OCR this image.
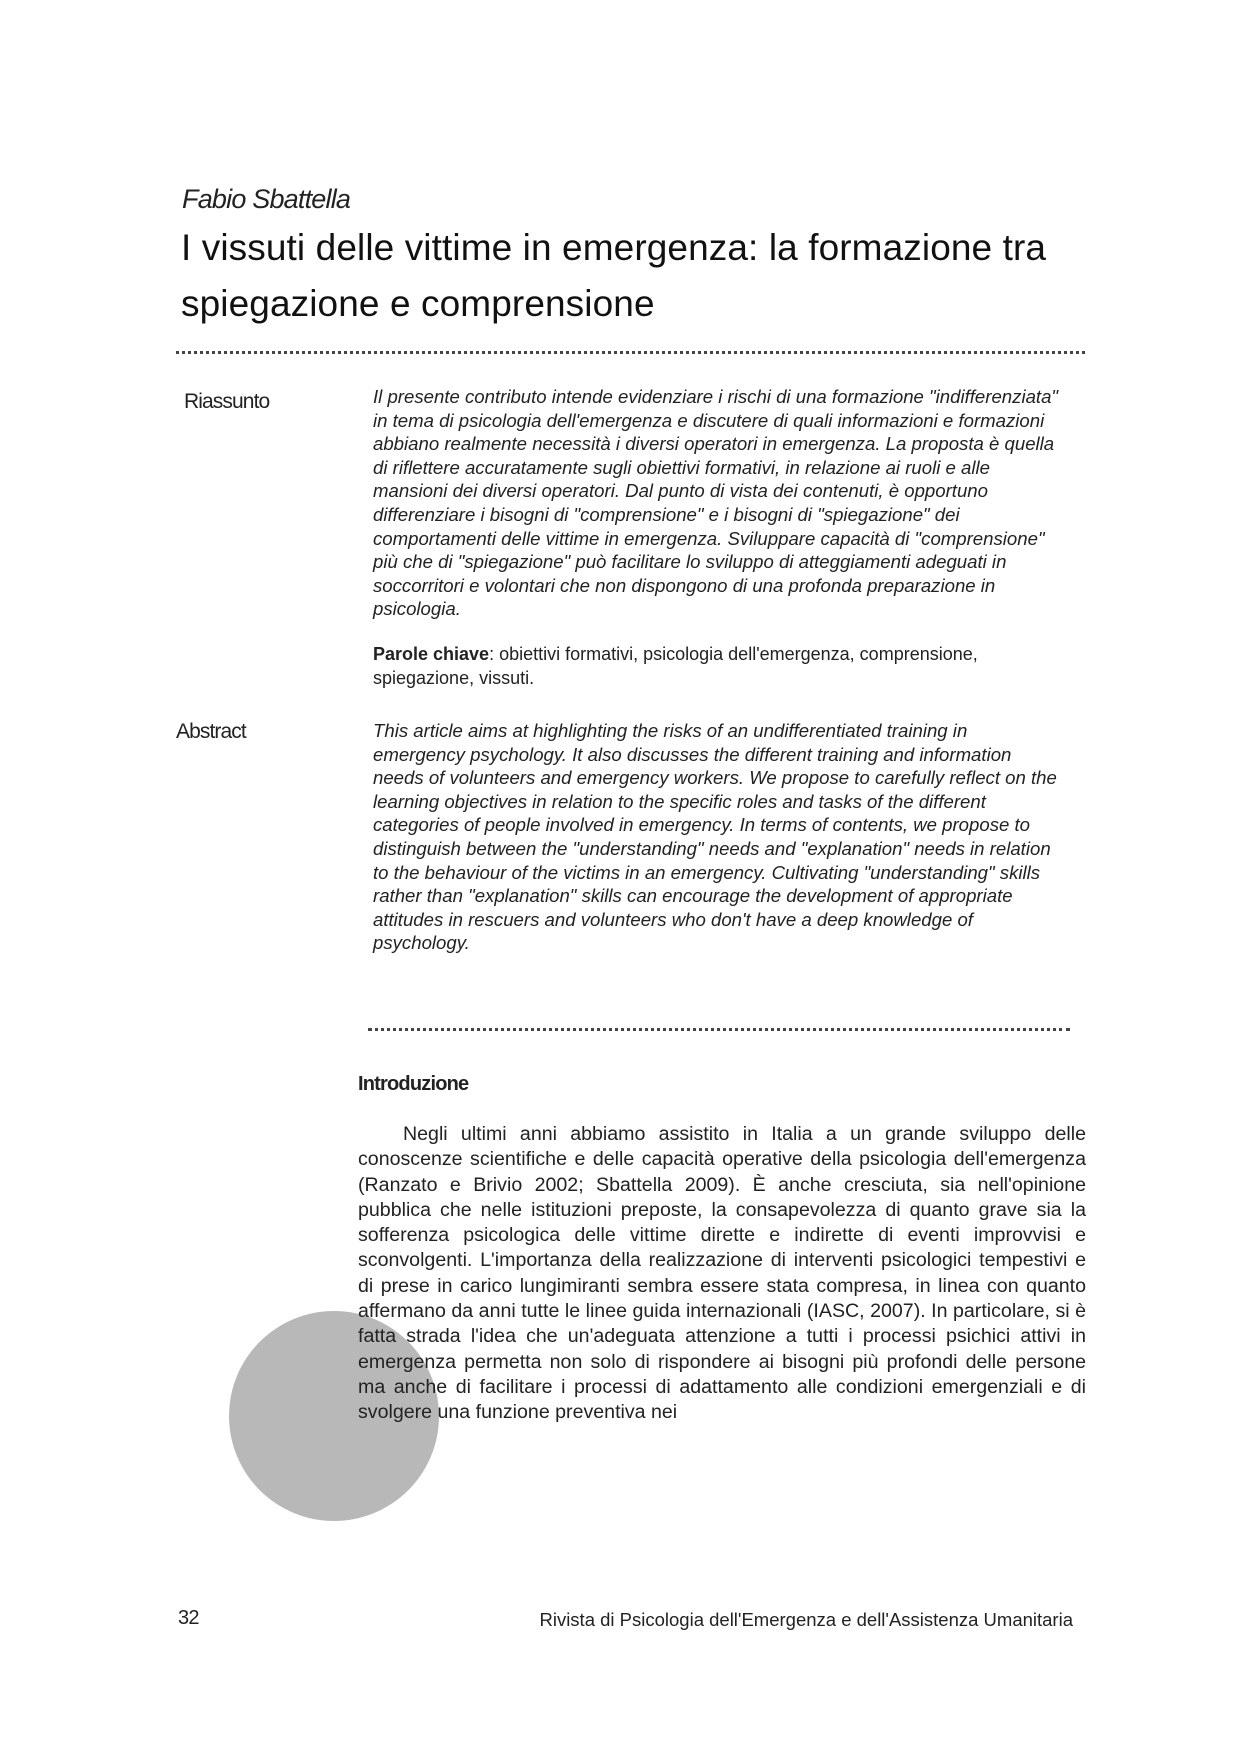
Fabio Sbattella
I vissuti delle vittime in emergenza: la formazione tra spiegazione e comprensione
Riassunto	Il presente contributo intende evidenziare i rischi di una formazione "indifferenziata" in tema di psicologia dell'emergenza e discutere di quali informazioni e formazioni abbiano realmente necessità i diversi operatori in emergenza. La proposta è quella di riflettere accuratamente sugli obiettivi formativi, in relazione ai ruoli e alle mansioni dei diversi operatori. Dal punto di vista dei contenuti, è opportuno differenziare i bisogni di "comprensione" e i bisogni di "spiegazione" dei comportamenti delle vittime in emergenza. Sviluppare capacità di "comprensione" più che di "spiegazione" può facilitare lo sviluppo di atteggiamenti adeguati in soccorritori e volontari che non dispongono di una profonda preparazione in psicologia.
Parole chiave: obiettivi formativi, psicologia dell'emergenza, comprensione, spiegazione, vissuti.
Abstract	This article aims at highlighting the risks of an undifferentiated training in emergency psychology. It also discusses the different training and information needs of volunteers and emergency workers. We propose to carefully reflect on the learning objectives in relation to the specific roles and tasks of the different categories of people involved in emergency. In terms of contents, we propose to distinguish between the "understanding" needs and "explanation" needs in relation to the behaviour of the victims in an emergency. Cultivating "understanding" skills rather than "explanation" skills can encourage the development of appropriate attitudes in rescuers and volunteers who don't have a deep knowledge of psychology.
Introduzione
Negli ultimi anni abbiamo assistito in Italia a un grande sviluppo delle conoscenze scientifiche e delle capacità operative della psicologia dell'emergenza (Ranzato e Brivio 2002; Sbattella 2009). È anche cresciuta, sia nell'opinione pubblica che nelle istituzioni preposte, la consapevolezza di quanto grave sia la sofferenza psicologica delle vittime dirette e indirette di eventi improvvisi e sconvolgenti. L'importanza della realizzazione di interventi psicologici tempestivi e di prese in carico lungimiranti sembra essere stata compresa, in linea con quanto affermano da anni tutte le linee guida internazionali (IASC, 2007). In particolare, si è fatta strada l'idea che un'adeguata attenzione a tutti i processi psichici attivi in emergenza permetta non solo di rispondere ai bisogni più profondi delle persone ma anche di facilitare i processi di adattamento alle condizioni emergenziali e di svolgere una funzione preventiva nei
32	Rivista di Psicologia dell'Emergenza e dell'Assistenza Umanitaria
